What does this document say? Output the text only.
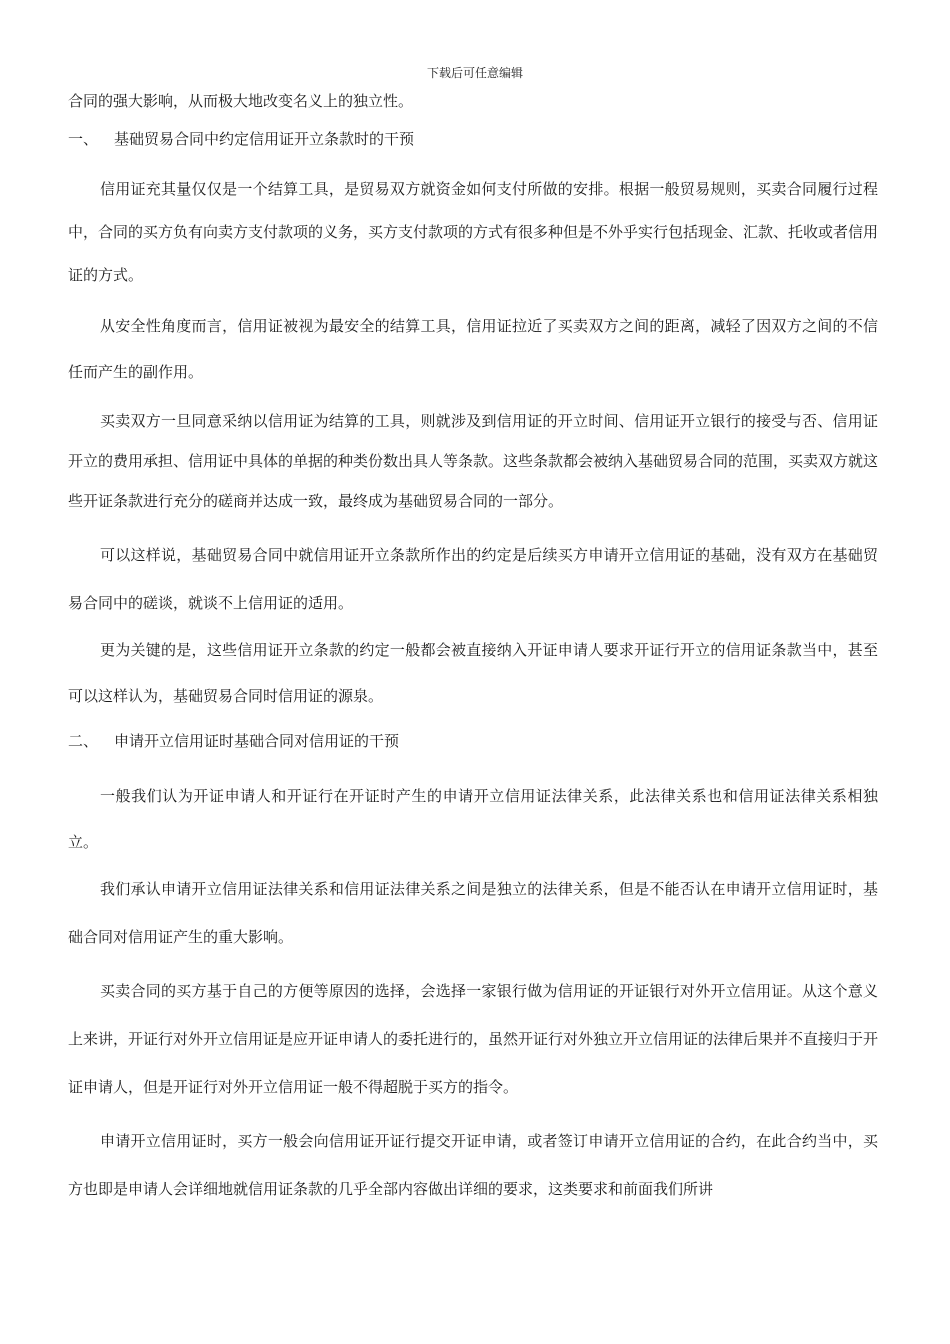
下载后可任意编辑

合同的强大影响，从而极大地改变名义上的独立性。

一、 基础贸易合同中约定信用证开立条款时的干预

信用证充其量仅仅是一个结算工具，是贸易双方就资金如何支付所做的安排。根据一般贸易规则，买卖合同履行过程中，合同的买方负有向卖方支付款项的义务，买方支付款项的方式有很多种但是不外乎实行包括现金、汇款、托收或者信用证的方式。

从安全性角度而言，信用证被视为最安全的结算工具，信用证拉近了买卖双方之间的距离，减轻了因双方之间的不信任而产生的副作用。

买卖双方一旦同意采纳以信用证为结算的工具，则就涉及到信用证的开立时间、信用证开立银行的接受与否、信用证开立的费用承担、信用证中具体的单据的种类份数出具人等条款。这些条款都会被纳入基础贸易合同的范围，买卖双方就这些开证条款进行充分的磋商并达成一致，最终成为基础贸易合同的一部分。

可以这样说，基础贸易合同中就信用证开立条款所作出的约定是后续买方申请开立信用证的基础，没有双方在基础贸易合同中的磋谈，就谈不上信用证的适用。

更为关键的是，这些信用证开立条款的约定一般都会被直接纳入开证申请人要求开证行开立的信用证条款当中，甚至可以这样认为，基础贸易合同时信用证的源泉。

二、 申请开立信用证时基础合同对信用证的干预

一般我们认为开证申请人和开证行在开证时产生的申请开立信用证法律关系，此法律关系也和信用证法律关系相独立。

我们承认申请开立信用证法律关系和信用证法律关系之间是独立的法律关系，但是不能否认在申请开立信用证时，基础合同对信用证产生的重大影响。

买卖合同的买方基于自己的方便等原因的选择，会选择一家银行做为信用证的开证银行对外开立信用证。从这个意义上来讲，开证行对外开立信用证是应开证申请人的委托进行的，虽然开证行对外独立开立信用证的法律后果并不直接归于开证申请人，但是开证行对外开立信用证一般不得超脱于买方的指令。

申请开立信用证时，买方一般会向信用证开证行提交开证申请，或者签订申请开立信用证的合约，在此合约当中，买方也即是申请人会详细地就信用证条款的几乎全部内容做出详细的要求，这类要求和前面我们所讲
